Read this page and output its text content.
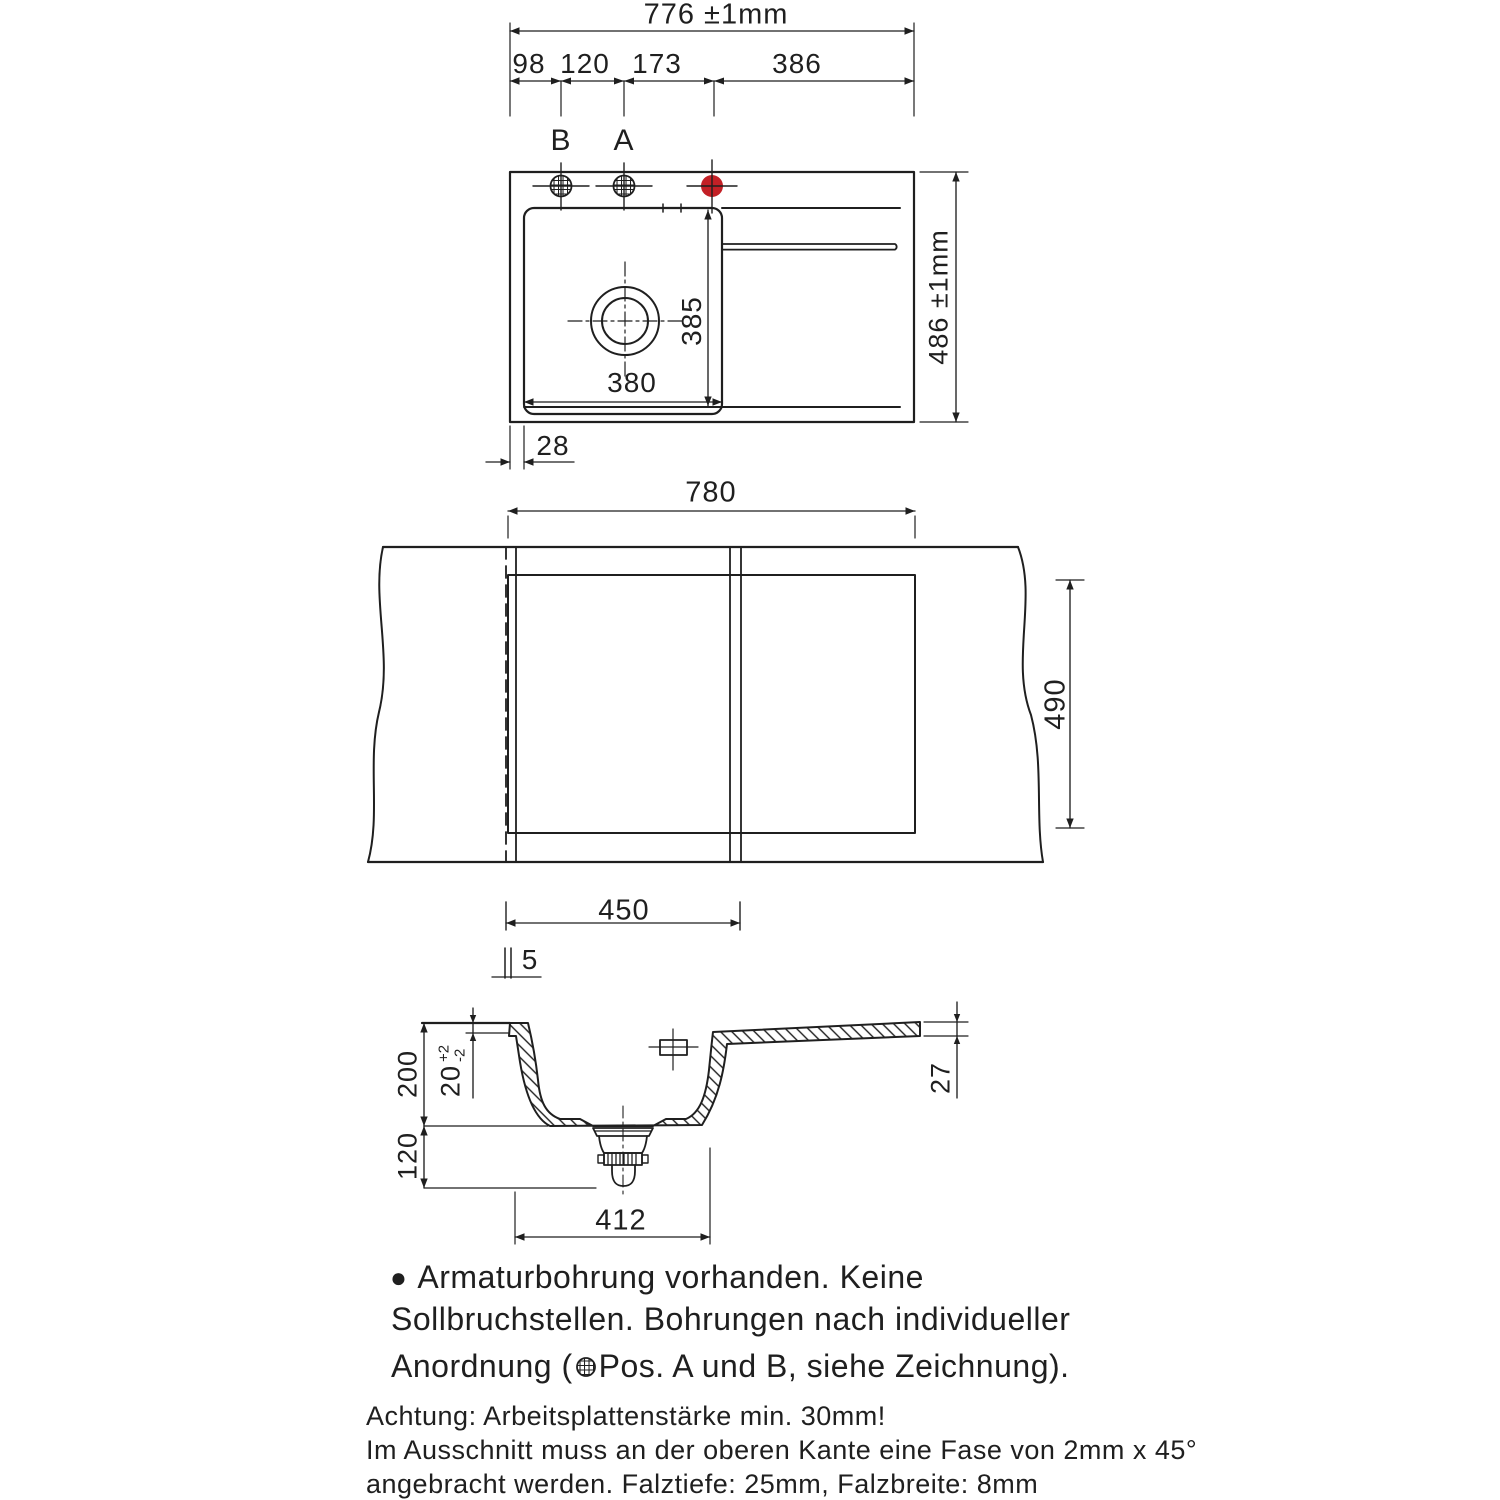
776 ±1mm
98 120 173	386
B A
385
380
486 ±1mm
28
780
490
450
5
200 20
+2
-2
120
27
412
● Armaturbohrung vorhanden. Keine
Sollbruchstellen. Bohrungen nach individueller
Anordnung ( Pos. A und B, siehe Zeichnung).
Achtung: Arbeitsplattenstärke min. 30mm!
Im Ausschnitt muss an der oberen Kante eine Fase von 2mm x 45°
angebracht werden. Falztiefe: 25mm, Falzbreite: 8mm
